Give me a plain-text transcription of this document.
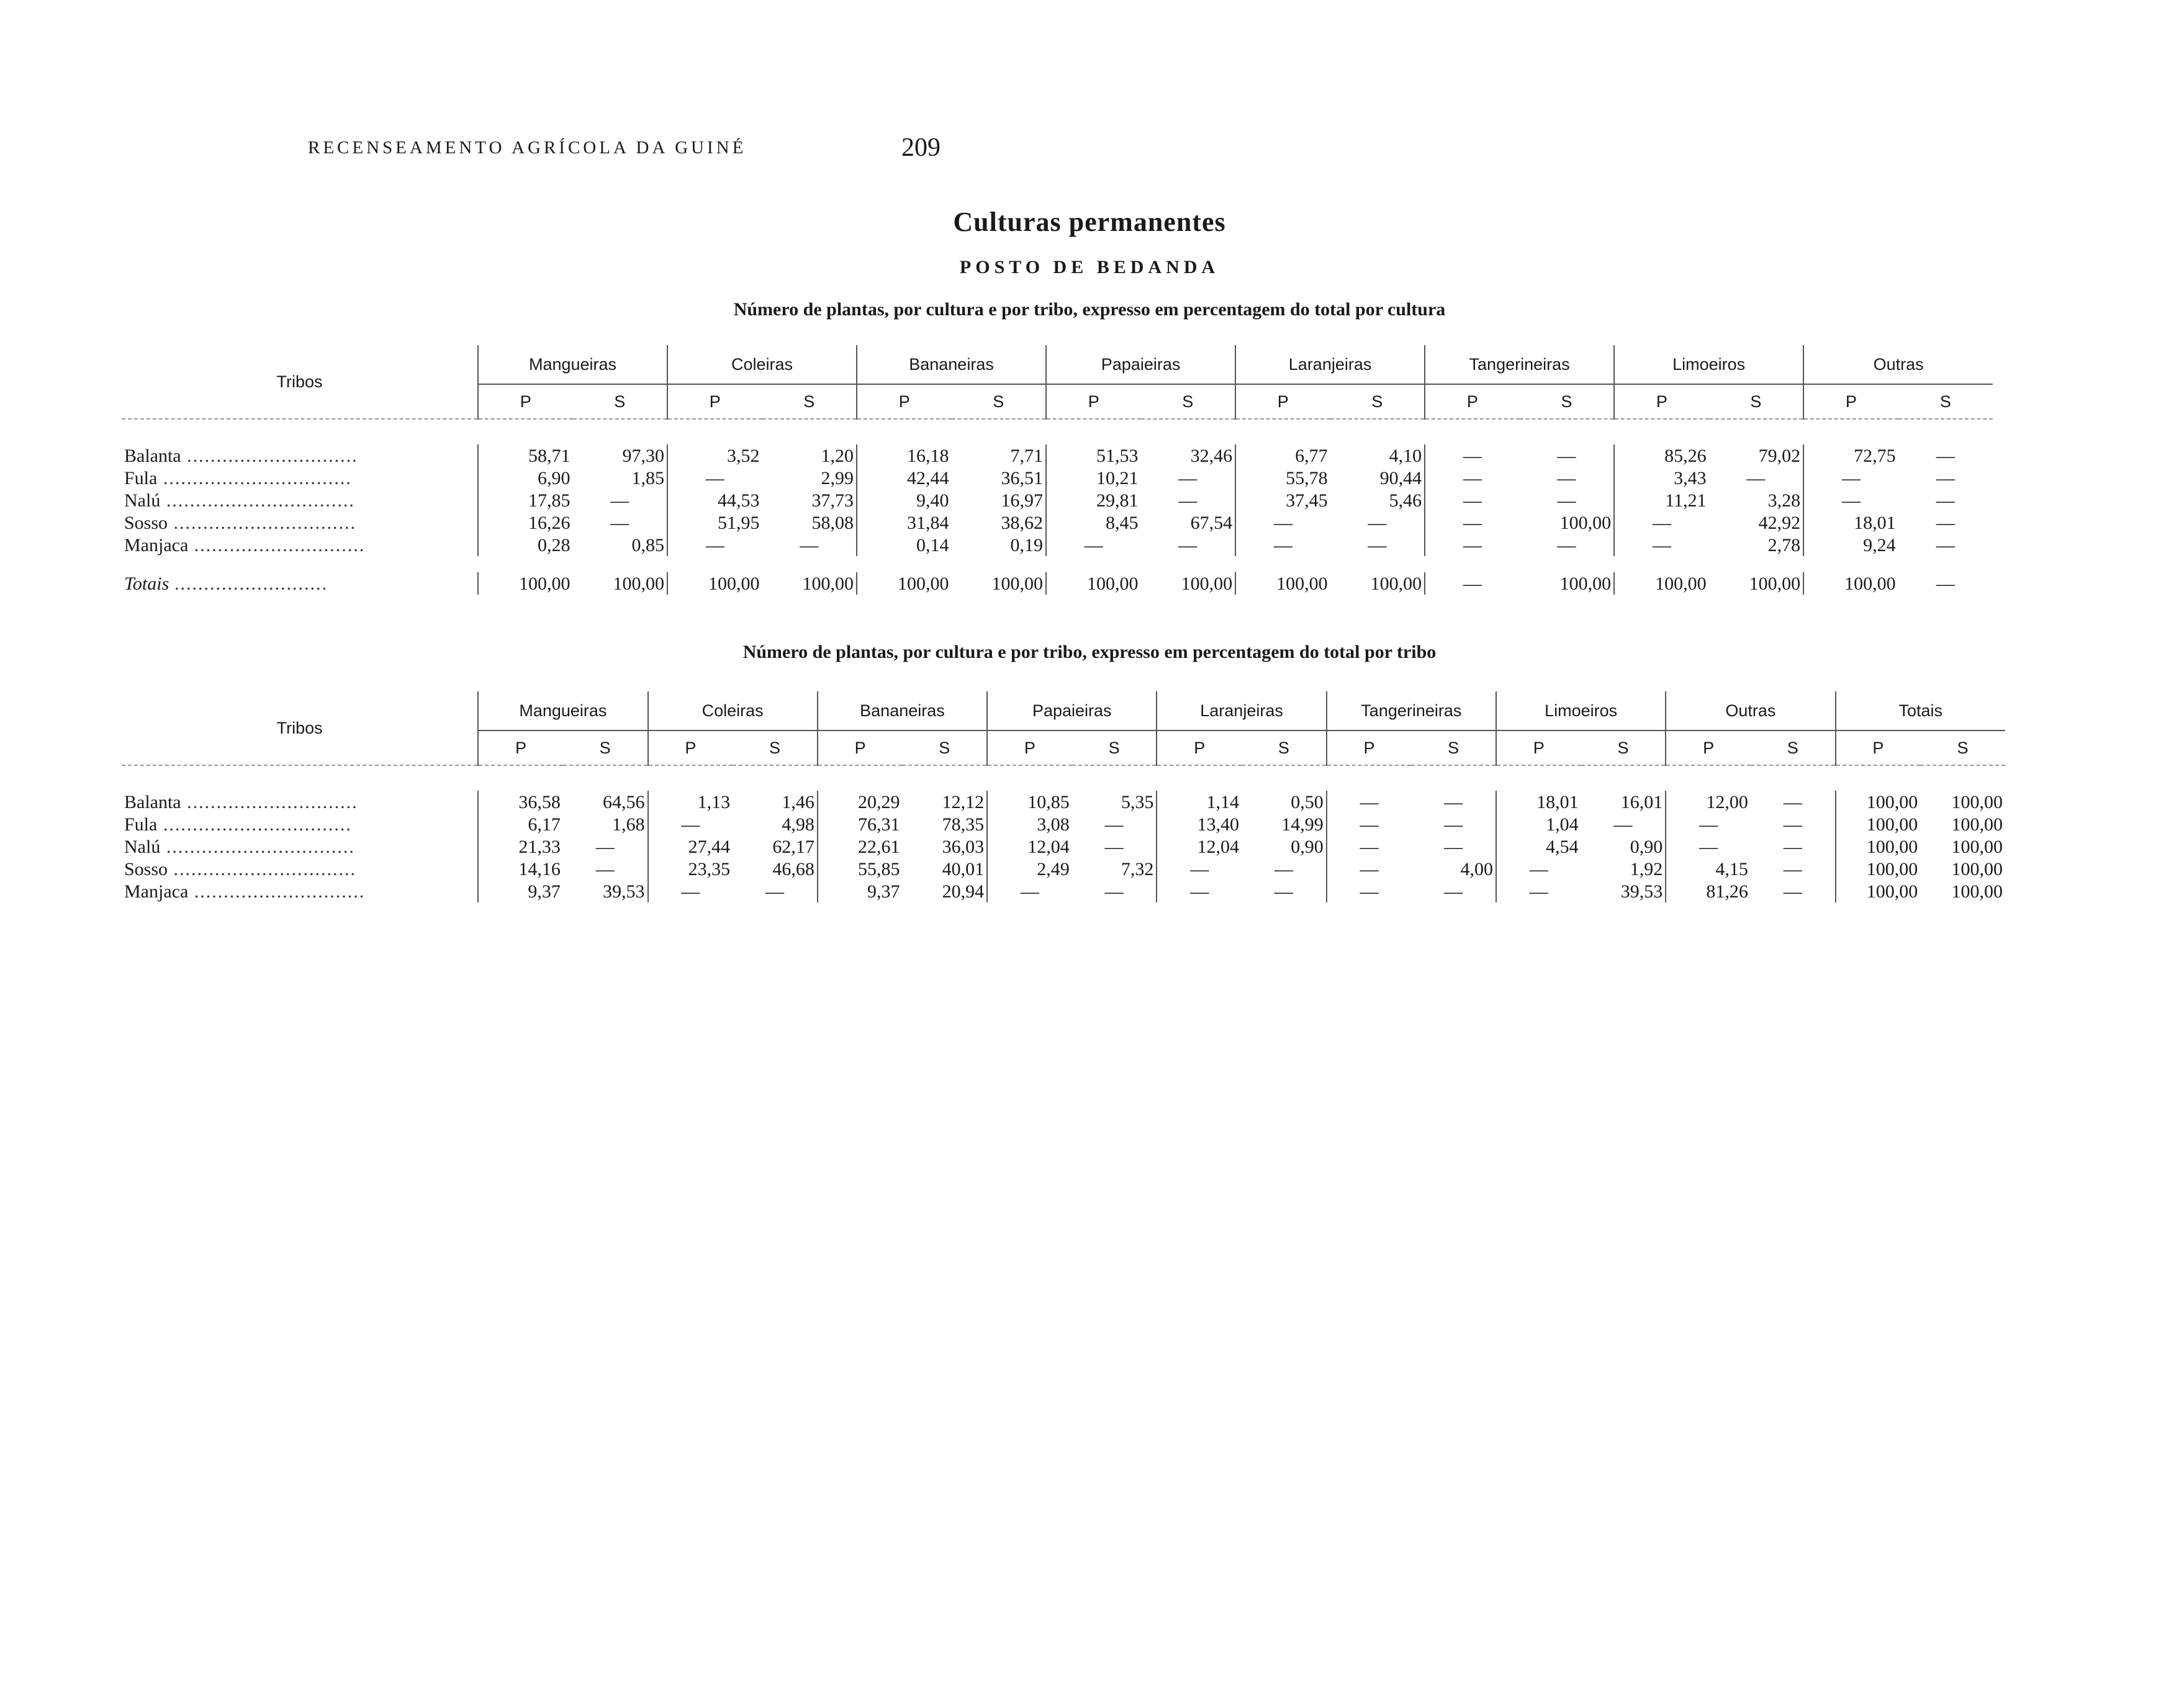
RECENSEAMENTO AGRÍCOLA DA GUINÉ	209
Culturas permanentes
POSTO DE BEDANDA
Número de plantas, por cultura e por tribo, expresso em percentagem do total por cultura
Tribos	Mangueiras		Coleiras		Bananeiras		Papaieiras		Laranjeiras		Tangerineiras		Limoeiros		Outras	
	P	S	P	S	P	S	P	S	P	S	P	S	P	S	P	S

Balanta .............................	58,71	97,30	3,52	1,20	16,18	7,71	51,53	32,46	6,77	4,10	—	—	85,26	79,02	72,75	—
Fula ................................	6,90	1,85	—	2,99	42,44	36,51	10,21	—	55,78	90,44	—	—	3,43	—	—	—
Nalú ................................	17,85	—	44,53	37,73	9,40	16,97	29,81	—	37,45	5,46	—	—	11,21	3,28	—	—
Sosso ...............................	16,26	—	51,95	58,08	31,84	38,62	8,45	67,54	—	—	—	100,00	—	42,92	18,01	—
Manjaca .............................	0,28	0,85	—	—	0,14	0,19	—	—	—	—	—	—	—	2,78	9,24	—

Totais ..........................	100,00	100,00	100,00	100,00	100,00	100,00	100,00	100,00	100,00	100,00	—	100,00	100,00	100,00	100,00	—
Número de plantas, por cultura e por tribo, expresso em percentagem do total por tribo
Tribos	Mangueiras		Coleiras		Bananeiras		Papaieiras		Laranjeiras		Tangerineiras		Limoeiros		Outras		Totais	
	P	S	P	S	P	S	P	S	P	S	P	S	P	S	P	S	P	S

Balanta .............................	36,58	64,56	1,13	1,46	20,29	12,12	10,85	5,35	1,14	0,50	—	—	18,01	16,01	12,00	—	100,00	100,00
Fula ................................	6,17	1,68	—	4,98	76,31	78,35	3,08	—	13,40	14,99	—	—	1,04	—	—	—	100,00	100,00
Nalú ................................	21,33	—	27,44	62,17	22,61	36,03	12,04	—	12,04	0,90	—	—	4,54	0,90	—	—	100,00	100,00
Sosso ...............................	14,16	—	23,35	46,68	55,85	40,01	2,49	7,32	—	—	—	4,00	—	1,92	4,15	—	100,00	100,00
Manjaca .............................	9,37	39,53	—	—	9,37	20,94	—	—	—	—	—	—	—	39,53	81,26	—	100,00	100,00
